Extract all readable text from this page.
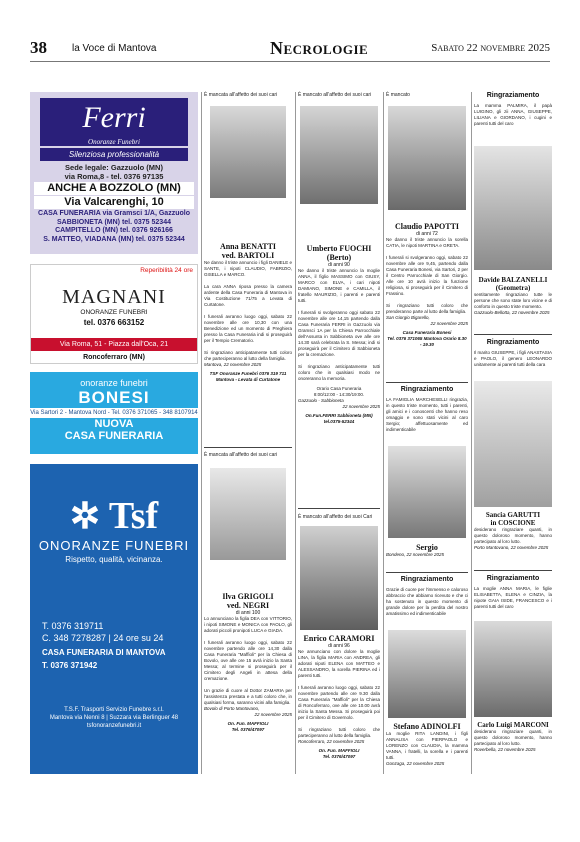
38	la Voce di Mantova	Necrologie	Sabato 22 novembre 2025
Ferri
Onoranze Funebri
Silenziosa professionalità
Sede legale: Gazzuolo (MN)
via Roma,8 - tel. 0376 97135
ANCHE A BOZZOLO (MN)
Via Valcarenghi, 10
CASA FUNERARIA via Gramsci 1/A, Gazzuolo
SABBIONETA (MN) tel. 0375 52344
CAMPITELLO (MN) tel. 0376 926166
S. MATTEO, VIADANA (MN) tel. 0375 52344
Reperibilità 24 ore
MAGNANI
ONORANZE FUNEBRI
tel. 0376 663152
Via Roma, 51 - Piazza dall'Oca, 21
Roncoferraro (MN)
onoranze funebri
BONESI
Via Sartori 2 - Mantova Nord - Tel. 0376 371065 - 348 8107914
NUOVA
CASA FUNERARIA
✲ Tsf
ONORANZE FUNEBRI
Rispetto, qualità, vicinanza.
T. 0376 319711
C. 348 7278287 | 24 ore su 24
CASA FUNERARIA DI MANTOVA
T. 0376 371942
T.S.F. Trasporti Servizio Funebre s.r.l.
Mantova via Nenni 8 | Suzzara via Berlinguer 48
tsfonoranzefunebri.it
È mancata all'affetto dei suoi cari
Anna BENATTI
ved. BARTOLI
Ne danno il triste annuncio i figli DANIELE e SANTE, i nipoti CLAUDIO, FABRIZIO, GISELLA e MARCO.
La cara ANNA riposa presso la camera ardente della Casa Funeraria di Mantova in Via Costituzione 71/75 a Levata di Curtatone.
I funerali avranno luogo oggi, sabato 22 novembre alle ore 10,30 con una Benedizione ed un momento di Preghiera presso la Casa Funeraria indi si proseguirà per il Tempio Crematorio.
Si ringraziano anticipatamente tutti coloro che parteciperanno al lutto della famiglia.
Mantova, 22 novembre 2025
TSF Onoranze Funebri 0376 319 711
Mantova - Levata di Curtatone
È mancata all'affetto dei suoi cari
Ilva GRIGOLI
ved. NEGRI
di anni 100
Lo annunciano la figlia DEA con VITTORIO, i nipoti SIMONE e MONICA con PAOLO, gli adorati piccoli pronipoti LUCA e GIADA.
I funerali avranno luogo oggi, sabato 22 novembre partendo alle ore 14,30 dalla Casa Funeraria "Maffioli" per la Chiesa di Bovolo, ove alle ore 15 avrà inizio la Santa Messa; al termine si proseguirà per il Cimitero degli Angeli in attesa della cremazione.
Un grazie di cuore al Dottor ZAMARIA per l'assistenza prestata e a tutti coloro che, in qualsiasi forma, saranno vicini alla famiglia.
Bovolo di Porto Mantovano,
22 novembre 2025
On. Fun. MAFFIOLI
Tel. 0376/47097
È mancato all'affetto dei suoi cari
Umberto FUOCHI
(Berto)
di anni 90
Ne danno il triste annuncio la moglie ANNA, il figlio MASSIMO con GIUSY, MARCO con ELVA, i cari nipoti DAMIANO, SIMONE e CAMILLA, il fratello MAURIZIO, i parenti e parenti tutti.
I funerali si svolgeranno oggi sabato 22 novembre alle ore 14,15 partendo dalla Casa Funeraria FERRI in Gazzuolo via Gramsci 1A per la Chiesa Parrocchiale dell'Assunta in Sabbioneta ove alle ore 14.30 sarà celebrata la S. Messa; indi si proseguirà per il Cimitero di Sabbioneta per la cremazione.
Si ringraziano anticipatamente tutti coloro che in qualsiasi modo ne onoreranno la memoria.
Orario Casa Funeraria
8:00/12:00 - 14:30/19:00.
Gazzuolo - Sabbioneta
22 novembre 2025
On.Fun.FERRI Sabbioneta (MN)
tel.0375-52344
È mancato all'affetto dei suoi Cari
Enrico CARAMORI
di anni 96
Ne annunciano con dolore la moglie LINA, la figlia MARIA con ANDREA, gli adorati nipoti ELENA con MATTEO e ALESSANDRO, la sorella PIERINA ed i parenti tutti.
I funerali avranno luogo oggi, sabato 22 novembre partendo alle ore 9.30 dalla Casa Funeraria "Maffioli" per la Chiesa di Roncoferraro, ove alle ore 10.00 avrà inizio la Santa Messa. Si proseguirà poi per il Cimitero di Governolo.
Si ringraziano tutti coloro che parteciperanno al lutto della famiglia.
Roncoferraro, 22 novembre 2025
On. Fun. MAFFIOLI
Tel. 0376/47097
È mancato
Claudio PAPOTTI
di anni 72
Ne danno il triste annuncio la sorella CATIA, le nipoti MARTINA e GRETA.
I funerali si svolgeranno oggi, sabato 22 novembre alle ore 9,45, partendo dalla Casa Funeraria Bonesi, via Sartori, 2 per il Centro Parrocchiale di San Giorgio. Alle ore 10 avrà inizio la funzione religiosa, si proseguirà per il Cimitero di Frassino.
Si ringraziano tutti coloro che prenderanno parte al lutto della famiglia.
San Giorgio Bigarello,
22 novembre 2025
Casa Funeraria Bonesi
Tel. 0376 371065 Mantova Orario 8.30 - 19.30
Ringraziamento
LA FAMIGLIA MARCHESELLI ringrazia, in questo triste momento, tutti i parenti, gli amici e i conoscenti che hanno reso omaggio e sono stati vicini al caro Sergio; affettuosamente ed indimenticabile
Sergio
Bondeno, 22 novembre 2025
Ringraziamento
Grazie di cuore per l'immenso e caloroso abbraccio che abbiamo ricevuto e che ci ha sostenuto in questo momento di grande dolore per la perdita del nostro amatissimo ed indimenticabile
Stefano ADINOLFI
La moglie RITA LANDINI, i figli ANNALISA con PIERPAOLO e LORENZO con CLAUDIA, la mamma VANNA, i fratelli, la sorella e i parenti tutti.
Gonzaga, 22 novembre 2025
Ringraziamento
La mamma PALMIRA, il papà LUIGINO, gli zii ANNA, GIUSEPPE, LILIANA e GIORDANO, i cugini e parenti tutti del caro
Davide BALZANELLI
(Geometra)
sentitamente ringraziano tutte le persone che sono state loro vicine e di conforto in questo triste momento.
Gazzuolo-Bellotta, 22 novembre 2025
Ringraziamento
Il marito GIUSEPPE, i figli ANASTASIA e PAOLO, il genero LEONARDO unitamente ai parenti tutti della cara
Sancia GARUTTI
in COSCIONE
desiderano ringraziare quanti, in questo doloroso momento, hanno partecipato al loro lutto.
Porto Mantovano, 22 novembre 2025
Ringraziamento
La moglie ANNA MARIA, le figlie ELISABETTA, ELENA e CINZIA, la nipote GAIA ISIDE, FRANCESCO e i parenti tutti del caro
Carlo Luigi MARCONI
desiderano ringraziare quanti, in questo doloroso momento, hanno partecipato al loro lutto.
Roverbella, 22 novembre 2025
